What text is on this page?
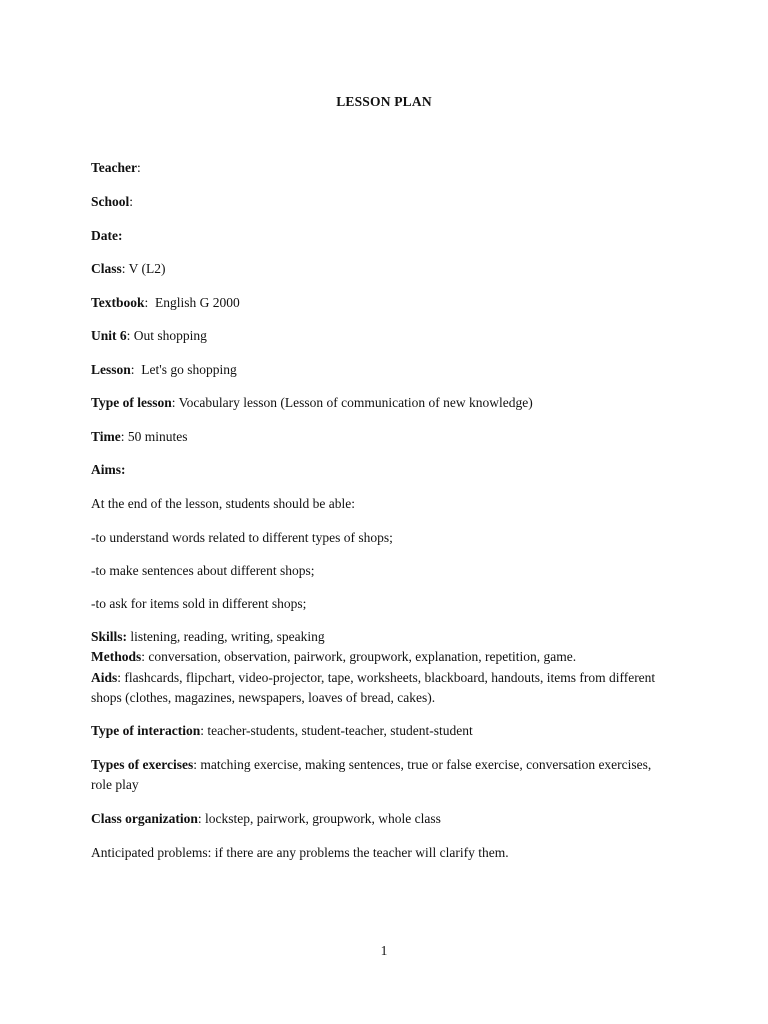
LESSON PLAN
Teacher:
School:
Date:
Class: V (L2)
Textbook:  English G 2000
Unit 6: Out shopping
Lesson:  Let's go shopping
Type of lesson: Vocabulary lesson (Lesson of communication of new knowledge)
Time: 50 minutes
Aims:
At the end of the lesson, students should be able:
-to understand words related to different types of shops;
-to make sentences about different shops;
-to ask for items sold in different shops;
Skills: listening, reading, writing, speaking
Methods: conversation, observation, pairwork, groupwork, explanation, repetition, game.
Aids: flashcards, flipchart, video-projector, tape, worksheets, blackboard, handouts, items from different shops (clothes, magazines, newspapers, loaves of bread, cakes).
Type of interaction: teacher-students, student-teacher, student-student
Types of exercises: matching exercise, making sentences, true or false exercise, conversation exercises, role play
Class organization: lockstep, pairwork, groupwork, whole class
Anticipated problems: if there are any problems the teacher will clarify them.
1
